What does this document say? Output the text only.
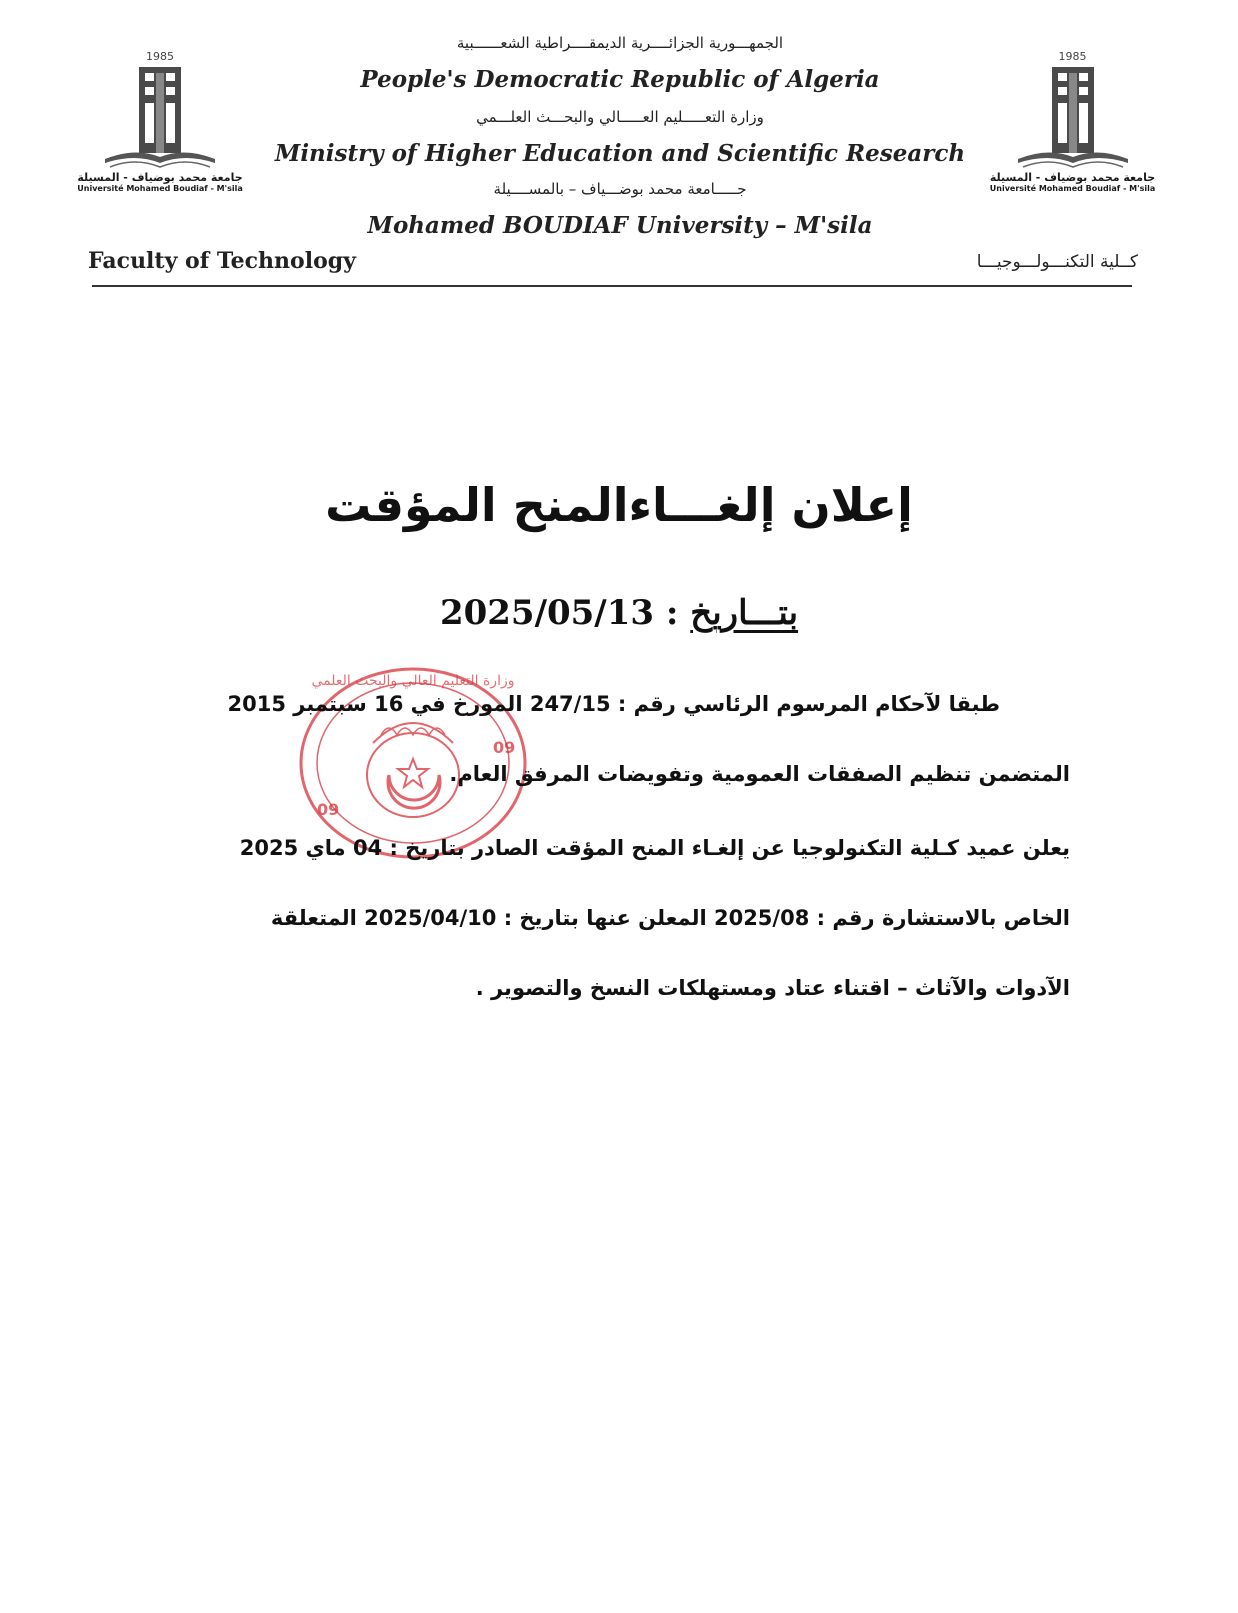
1985
جامعة محمد بوضياف - المسيلة
Université Mohamed Boudiaf - M'sila
1985
جامعة محمد بوضياف - المسيلة
Université Mohamed Boudiaf - M'sila
الجمهـــورية الجزائــــرية الديمقــــراطية الشعــــــبية
People's Democratic Republic of Algeria
وزارة التعـــــليم العـــــالي والبحـــث العلـــمي
Ministry of Higher Education and Scientific Research
جـــــامعة محمد بوضـــياف – بالمســــيلة
Mohamed BOUDIAF University – M'sila
Faculty of Technology	كــلية التكنـــولـــوجيـــا
إعلان إلغـــاءالمنح المؤقت
بتـــاريخ : 2025/05/13
09
09
وزارة التعليم العالي والبحث العلمي
طبقا لآحكام المرسوم الرئاسي رقم : 247/15 المورخ في 16 سبتمبر 2015
المتضمن تنظيم الصفقات العمومية وتفويضات المرفق العام.
يعلن عميد كـلية التكنولوجيا عن إلغـاء المنح المؤقت الصادر بتاريخ : 04 ماي 2025
الخاص بالاستشارة رقم : 2025/08 المعلن عنها بتاريخ : 2025/04/10 المتعلقة
الآدوات والآثاث – اقتناء عتاد ومستهلكات النسخ والتصوير .
